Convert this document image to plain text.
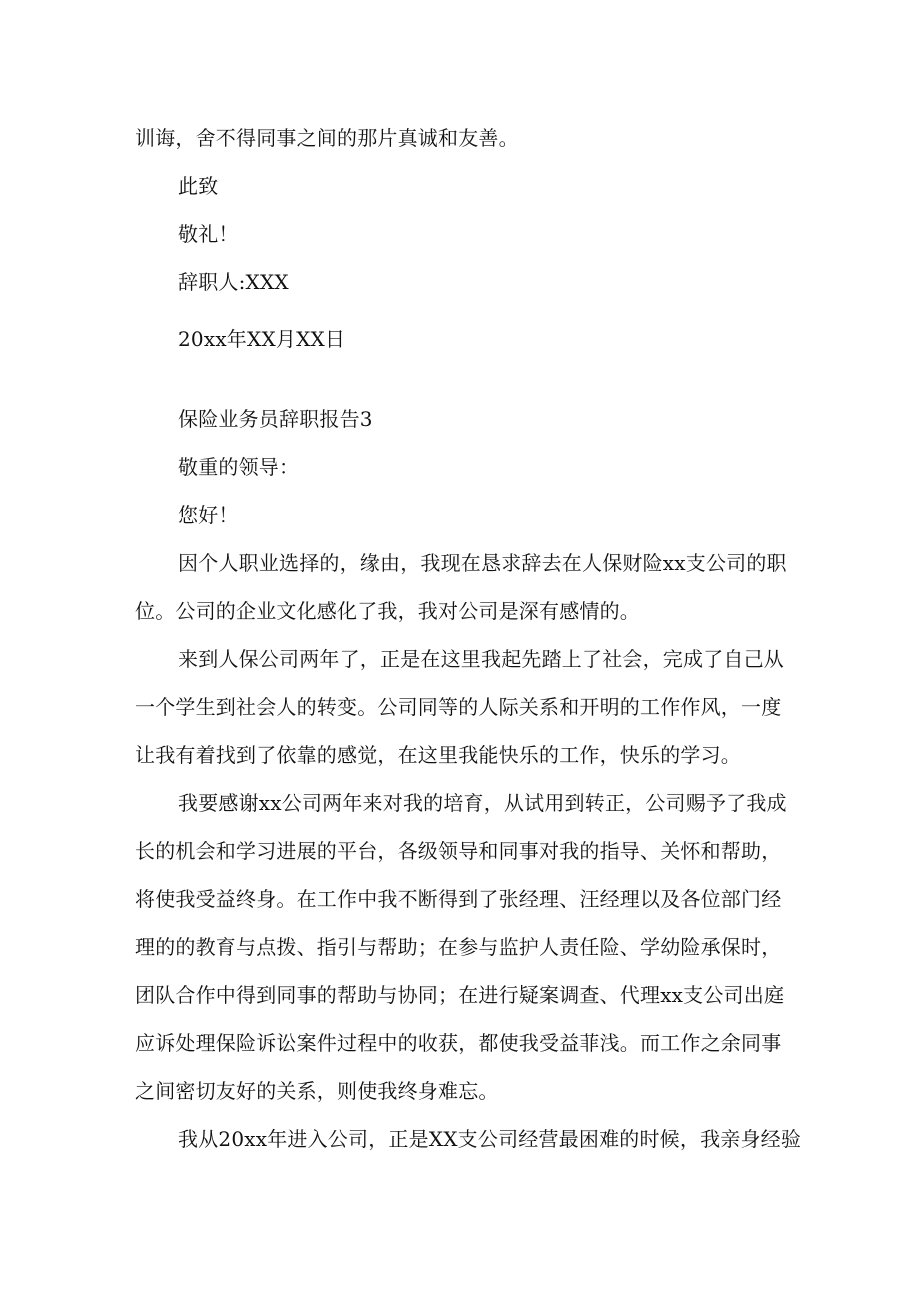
训诲，舍不得同事之间的那片真诚和友善。
此致
敬礼！
辞职人:XXX
20xx年XX月XX日
保险业务员辞职报告3
敬重的领导：
您好！
因个人职业选择的，缘由，我现在恳求辞去在人保财险xx支公司的职
位。公司的企业文化感化了我，我对公司是深有感情的。
来到人保公司两年了，正是在这里我起先踏上了社会，完成了自己从
一个学生到社会人的转变。公司同等的人际关系和开明的工作作风，一度
让我有着找到了依靠的感觉，在这里我能快乐的工作，快乐的学习。
我要感谢xx公司两年来对我的培育，从试用到转正，公司赐予了我成
长的机会和学习进展的平台，各级领导和同事对我的指导、关怀和帮助，
将使我受益终身。在工作中我不断得到了张经理、汪经理以及各位部门经
理的的教育与点拨、指引与帮助；在参与监护人责任险、学幼险承保时，
团队合作中得到同事的帮助与协同；在进行疑案调查、代理xx支公司出庭
应诉处理保险诉讼案件过程中的收获，都使我受益菲浅。而工作之余同事
之间密切友好的关系，则使我终身难忘。
我从20xx年进入公司，正是XX支公司经营最困难的时候，我亲身经验
